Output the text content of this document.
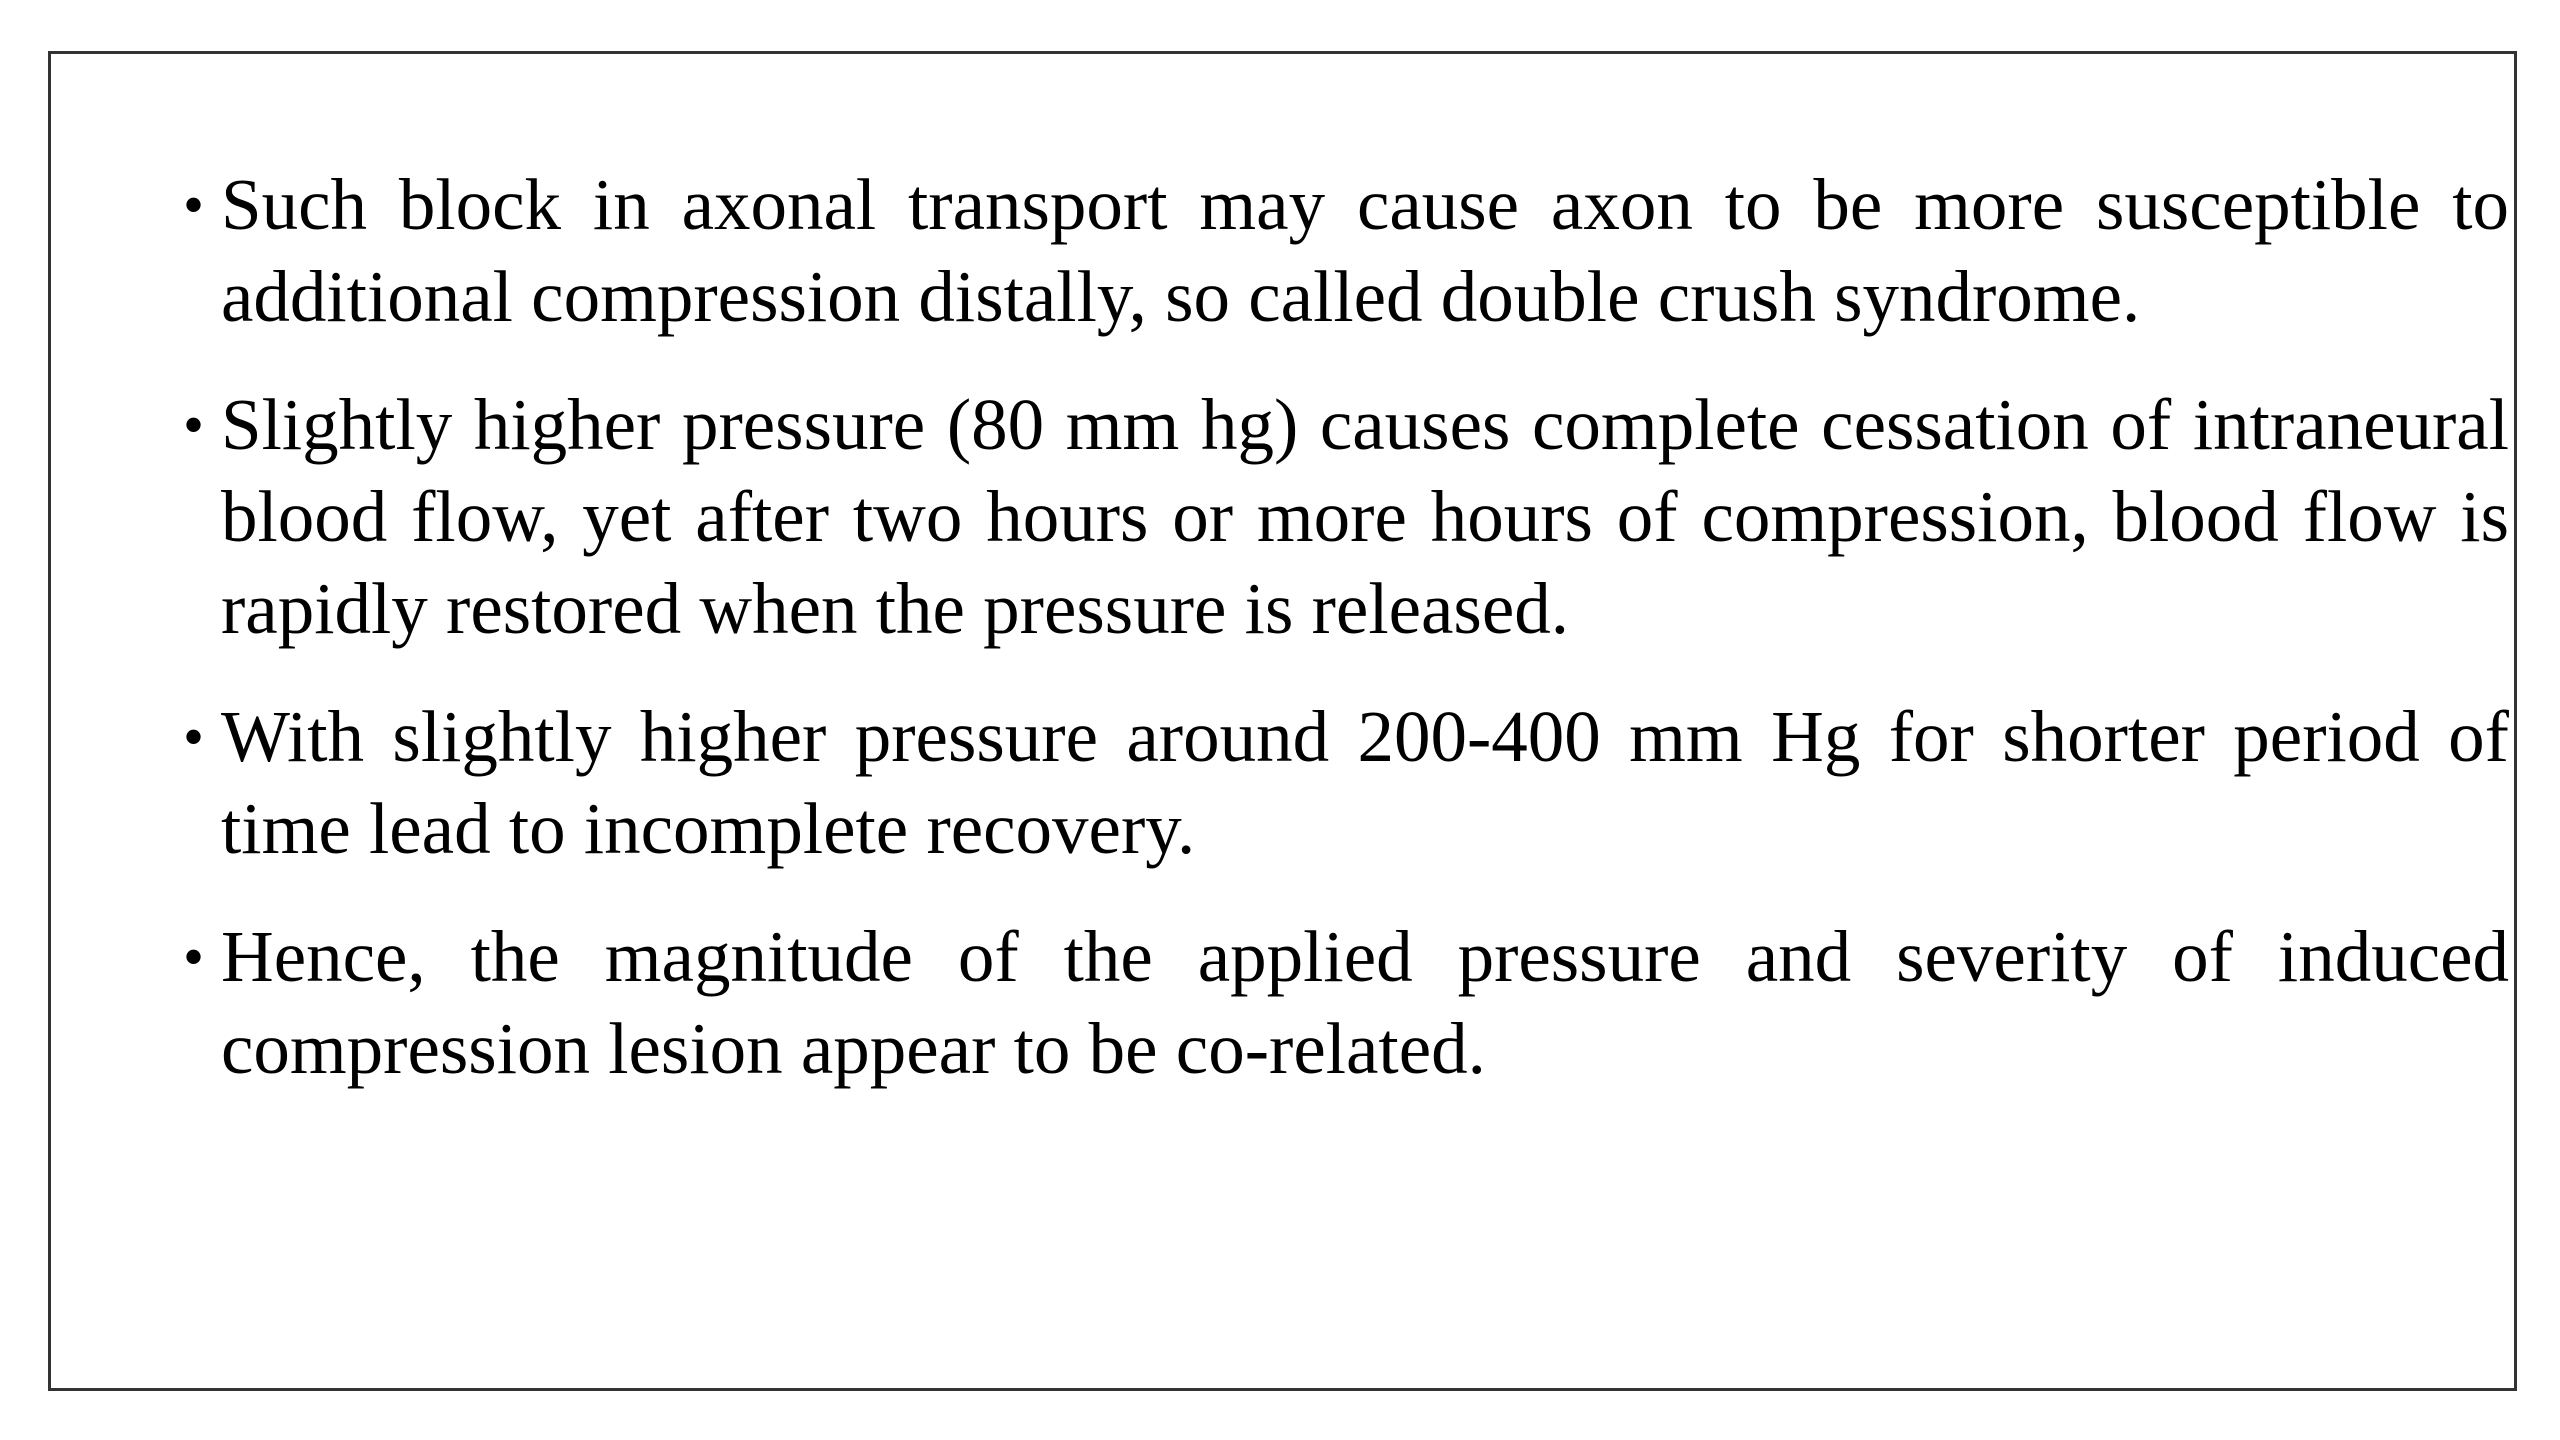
• Such block in axonal transport may cause axon to be more susceptible to additional compression distally, so called double crush syndrome.
• Slightly higher pressure (80 mm hg) causes complete cessation of intraneural blood flow, yet after two hours or more hours of compression, blood flow is rapidly restored when the pressure is released.
• With slightly higher pressure around 200-400 mm Hg for shorter period of time lead to incomplete recovery.
• Hence, the magnitude of the applied pressure and severity of induced compression lesion appear to be co-related.
